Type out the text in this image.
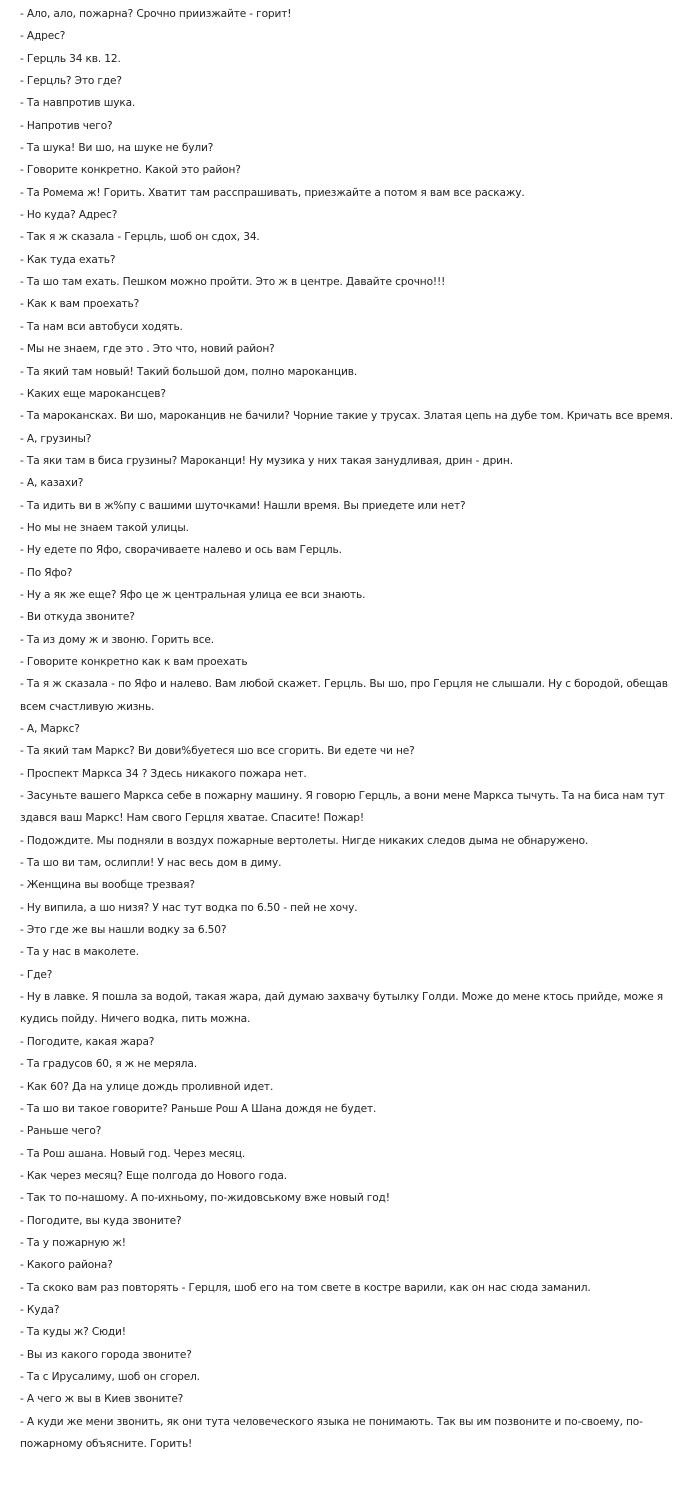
- Ало, ало, пожарна? Срочно приизжайте - горит!

- Адрес?

- Герцль 34 кв. 12.

- Герцль? Это где?

- Та навпротив шука.

- Напротив чего?

- Та шука! Ви шо, на шуке не були?

- Говорите конкретно. Какой это район?

- Та Ромема ж! Горить. Хватит там расспрашивать, приезжайте а потом я вам все раскажу.

- Но куда? Адрес?

- Так я ж сказала - Герцль, шоб он сдох, 34.

- Как туда ехать?

- Та шо там ехать. Пешком можно пройти. Это ж в центре. Давайте срочно!!!

- Как к вам проехать?

- Та нам вси автобуси ходять.

- Мы не знаем, где это . Это что, новий район?

- Та який там новый! Такий большой дом, полно мароканцив.

- Каких еще марокансцев?

- Та марокансках. Ви шо, мароканцив не бачили? Чорние такие у трусах. Златая цепь на дубе том. Кричать все время.

- А, грузины?

- Та яки там в биса грузины? Мароканци! Ну музика у них такая занудливая, дрин - дрин.

- А, казахи?

- Та идить ви в ж%пу с вашими шуточками! Нашли время. Вы приедете или нет?

- Но мы не знаем такой улицы.

- Ну едете по Яфо, сворачиваете налево и ось вам Герцль.

- По Яфо?

- Ну а як же еще? Яфо це ж центральная улица ее вси знають.

- Ви откуда звоните?

- Та из дому ж и звоню. Горить все.

- Говорите конкретно как к вам проехать

- Та я ж сказала - по Яфо и налево. Вам любой скажет. Герцль. Вы шо, про Герцля не слышали. Ну с бородой, обещав всем счастливую жизнь.

- А, Маркс?

- Та який там Маркс? Ви дови%буетеся шо все сгорить. Ви едете чи не?

- Проспект Маркса 34 ? Здесь никакого пожара нет.

- Засуньте вашего Маркса себе в пожарну машину. Я говорю Герцль, а вони мене Маркса тычуть. Та на биса нам тут здався ваш Маркс! Нам свого Герцля хватае. Спасите! Пожар!

- Подождите. Мы подняли в воздух пожарные вертолеты. Нигде никаких следов дыма не обнаружено.

- Та шо ви там, ослипли! У нас весь дом в диму.

- Женщина вы вообще трезвая?

- Ну випила, а шо низя? У нас тут водка по 6.50 - пей не хочу.

- Это где же вы нашли водку за 6.50?

- Та у нас в маколете.

- Где?

- Ну в лавке. Я пошла за водой, такая жара, дай думаю захвачу бутылку Голди. Може до мене ктось прийде, може я кудись пойду. Ничего водка, пить можна.

- Погодите, какая жара?

- Та градусов 60, я ж не меряла.

- Как 60? Да на улице дождь проливной идет.

- Та шо ви такое говорите? Раньше Рош А Шана дождя не будет.

- Раньше чего?

- Та Рош ашана. Новый год. Через месяц.

- Как через месяц? Еще полгода до Нового года.

- Так то по-нашому. А по-ихньому, по-жидовському вже новый год!

- Погодите, вы куда звоните?

- Та у пожарную ж!

- Какого района?

- Та скоко вам раз повторять - Герцля, шоб его на том свете в костре варили, как он нас сюда заманил.

- Куда?

- Та куды ж? Сюди!

- Вы из какого города звоните?

- Та с Ирусалиму, шоб он сгорел.

- А чего ж вы в Киев звоните?

- А куди же мени звонить, як они тута человеческого языка не понимають. Так вы им позвоните и по-своему, по-пожарному объясните. Горить!
